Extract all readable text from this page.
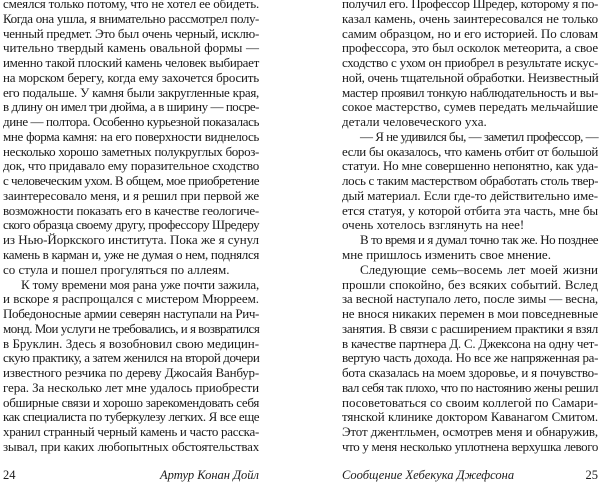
смеялся только потому, что не хотел ее обидеть.
Когда она ушла, я внимательно рассмотрел полу-
ченный предмет. Это был очень черный, исклю-
чительно твердый камень овальной формы —
именно такой плоский камень человек выбирает
на морском берегу, когда ему захочется бросить
его подальше. У камня были закругленные края,
в длину он имел три дюйма, а в ширину — посре-
дине — полтора. Особенно курьезной показалась
мне форма камня: на его поверхности виднелось
несколько хорошо заметных полукруглых бороз-
док, что придавало ему поразительное сходство
с человеческим ухом. В общем, мое приобретение
заинтересовало меня, и я решил при первой же
возможности показать его в качестве геологиче-
ского образца своему другу, профессору Шредеру
из Нью-Йоркского института. Пока же я сунул
камень в карман и, уже не думая о нем, поднялся
со стула и пошел прогуляться по аллеям.
К тому времени моя рана уже почти зажила,
и вскоре я распрощался с мистером Мюрреем.
Победоносные армии северян наступали на Рич-
монд. Мои услуги не требовались, и я возвратился
в Бруклин. Здесь я возобновил свою медицин-
скую практику, а затем женился на второй дочери
известного резчика по дереву Джосайя Ванбур-
гера. За несколько лет мне удалось приобрести
обширные связи и хорошо зарекомендовать себя
как специалиста по туберкулезу легких. Я все еще
хранил странный черный камень и часто расска-
зывал, при каких любопытных обстоятельствах
получил его. Профессор Шредер, которому я по-
казал камень, очень заинтересовался не только
самим образцом, но и его историей. По словам
профессора, это был осколок метеорита, а свое
сходство с ухом он приобрел в результате искус-
ной, очень тщательной обработки. Неизвестный
мастер проявил тонкую наблюдательность и вы-
сокое мастерство, сумев передать мельчайшие
детали человеческого уха.
— Я не удивился бы, — заметил профессор, —
если бы оказалось, что камень отбит от большой
статуи. Но мне совершенно непонятно, как уда-
лось с таким мастерством обработать столь твер-
дый материал. Если где-то действительно име-
ется статуя, у которой отбита эта часть, мне бы
очень хотелось взглянуть на нее!
В то время и я думал точно так же. Но позднее
мне пришлось изменить свое мнение.
Следующие семь–восемь лет моей жизни
прошли спокойно, без всяких событий. Вслед
за весной наступало лето, после зимы — весна,
не внося никаких перемен в мои повседневные
занятия. В связи с расширением практики я взял
в качестве партнера Д. С. Джексона на одну чет-
вертую часть дохода. Но все же напряженная ра-
бота сказалась на моем здоровье, и я почувство-
вал себя так плохо, что по настоянию жены решил
посоветоваться со своим коллегой по Самари-
тянской клинике доктором Каванагом Смитом.
Этот джентльмен, осмотрев меня и обнаружив,
что у меня несколько уплотнена верхушка левого
24	Артур Конан Дойл	Сообщение Хебекука Джефсона	25
